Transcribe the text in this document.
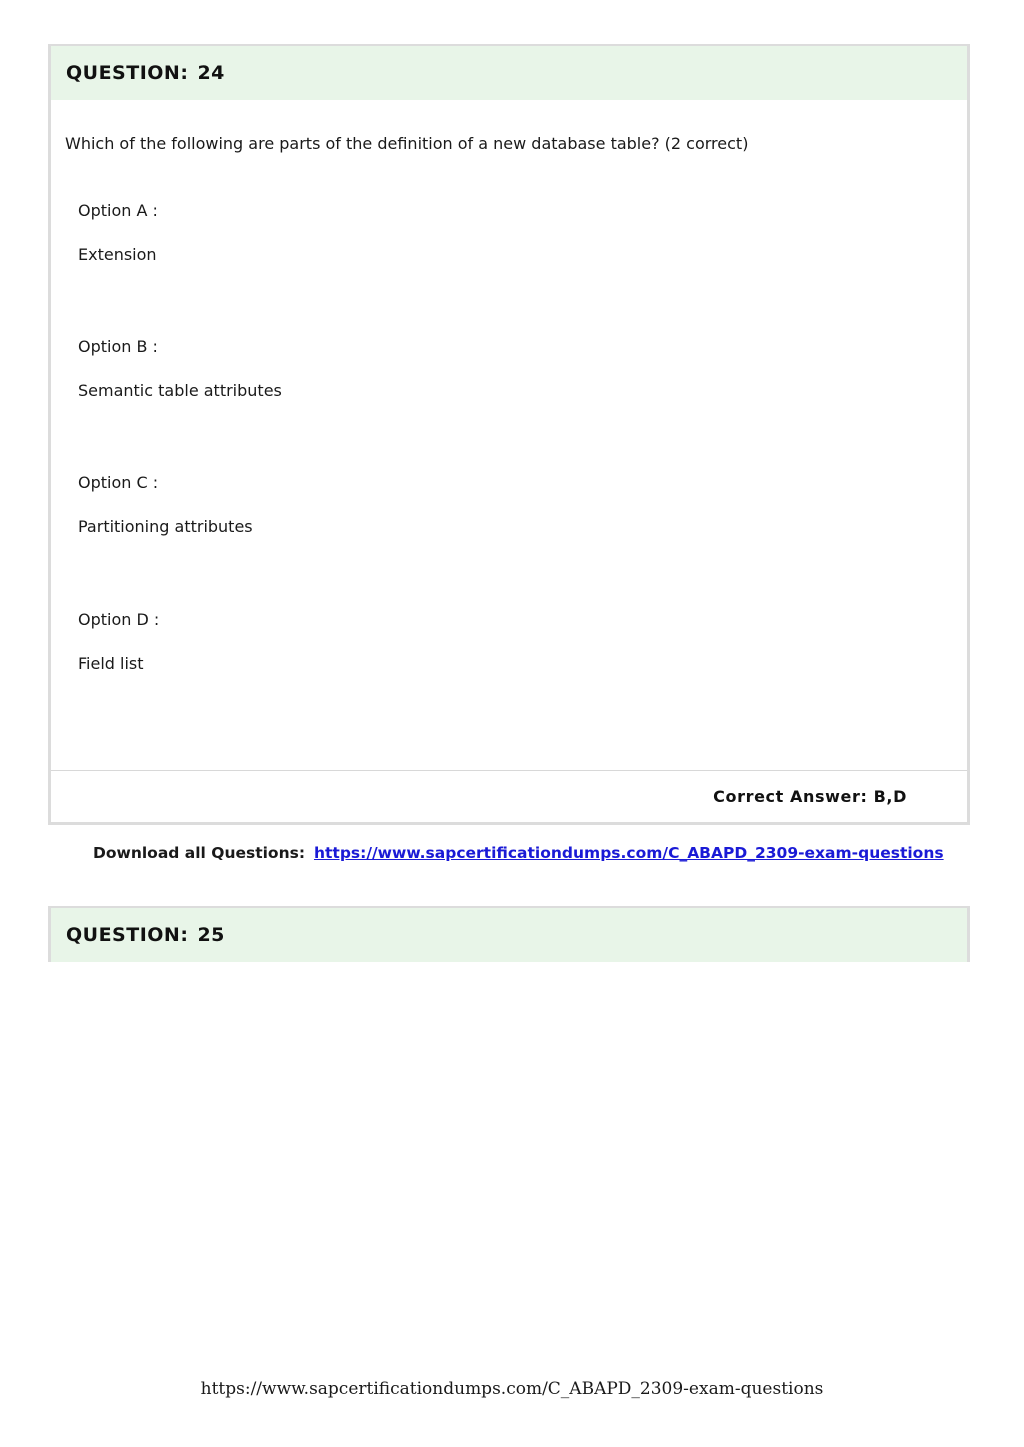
QUESTION: 24
Which of the following are parts of the definition of a new database table? (2 correct)
Option A :
Extension
Option B :
Semantic table attributes
Option C :
Partitioning attributes
Option D :
Field list
Correct Answer: B,D
Download all Questions: https://www.sapcertificationdumps.com/C_ABAPD_2309-exam-questions
QUESTION: 25
https://www.sapcertificationdumps.com/C_ABAPD_2309-exam-questions
